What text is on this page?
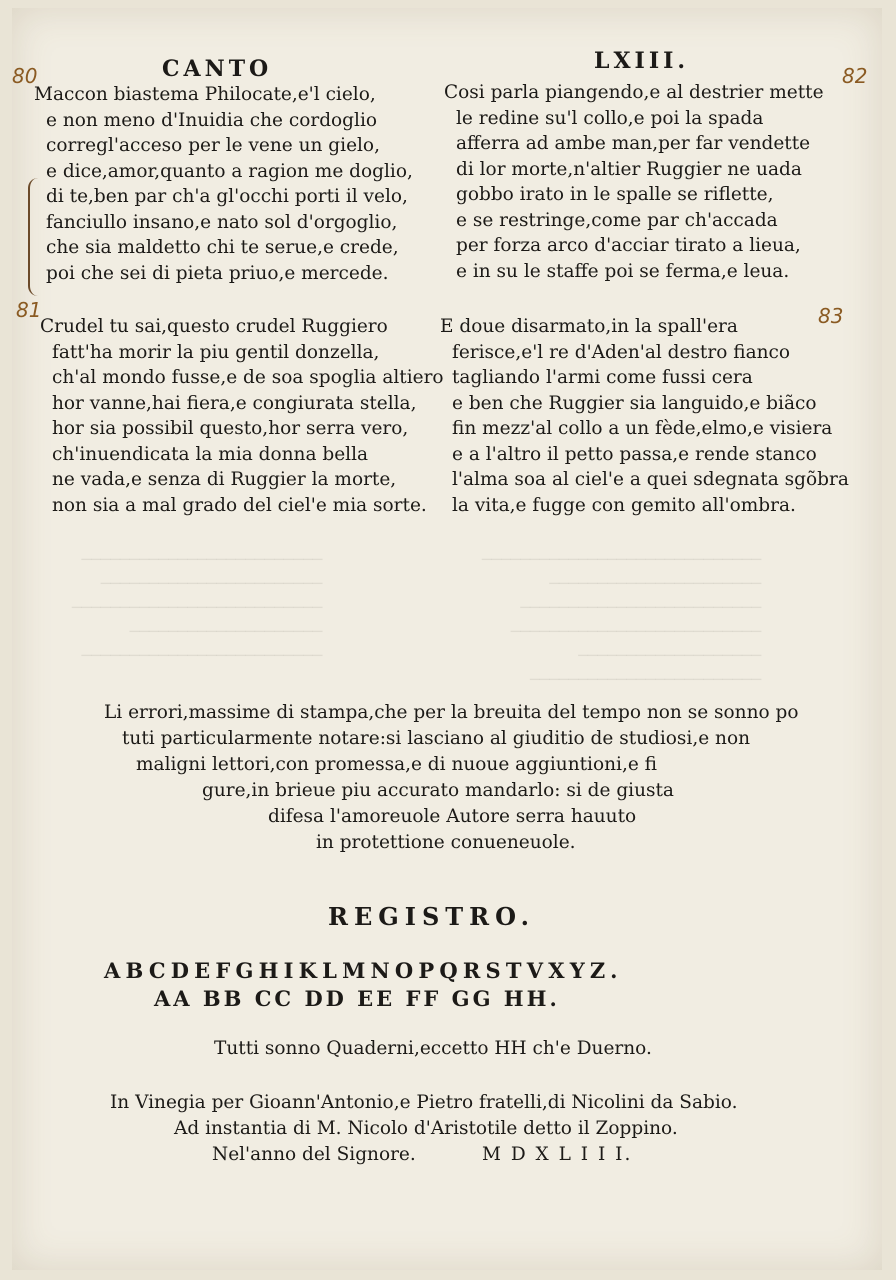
─────────────────────────────
──────────────────────
─────────────────────────
──────────────────────────
───────────────────
────────────────────────
─────────────────────────
───────────────────────
──────────────────────────
────────────────────
─────────────────────────
CANTO	LXIII.
80	82
81	83
Maccon biastema Philocate,e'l cielo,
e non meno d'Inuidia che cordoglio
corregl'acceso per le vene un gielo,
e dice,amor,quanto a ragion me doglio,
di te,ben par ch'a gl'occhi porti il velo,
fanciullo insano,e nato sol d'orgoglio,
che sia maldetto chi te serue,e crede,
poi che sei di pieta priuo,e mercede.
Cosi parla piangendo,e al destrier mette
le redine su'l collo,e poi la spada
afferra ad ambe man,per far vendette
di lor morte,n'altier Ruggier ne uada
gobbo irato in le spalle se riflette,
e se restringe,come par ch'accada
per forza arco d'acciar tirato a lieua,
e in su le staffe poi se ferma,e leua.
Crudel tu sai,questo crudel Ruggiero
fatt'ha morir la piu gentil donzella,
ch'al mondo fusse,e de soa spoglia altiero
hor vanne,hai fiera,e congiurata stella,
hor sia possibil questo,hor serra vero,
ch'inuendicata la mia donna bella
ne vada,e senza di Ruggier la morte,
non sia a mal grado del ciel'e mia sorte.
E doue disarmato,in la spall'era
ferisce,e'l re d'Aden'al destro fianco
tagliando l'armi come fussi cera
e ben che Ruggier sia languido,e biãco
fin mezz'al collo a un fède,elmo,e visiera
e a l'altro il petto passa,e rende stanco
l'alma soa al ciel'e a quei sdegnata sgõbra
la vita,e fugge con gemito all'ombra.
Li errori,massime di stampa,che per la breuita del tempo non se sonno po
tuti particularmente notare:si lasciano al giuditio de studiosi,e non
maligni lettori,con promessa,e di nuoue aggiuntioni,e fi
gure,in brieue piu accurato mandarlo: si de giusta
difesa l'amoreuole Autore serra hauuto
in protettione conueneuole.
REGISTRO.
ABCDEFGHIKLMNOPQRSTVXYZ.
AA BB CC DD EE FF GG HH.
Tutti sonno Quaderni,eccetto HH ch'e Duerno.
In Vinegia per Gioann'Antonio,e Pietro fratelli,di Nicolini da Sabio.
Ad instantia di M. Nicolo d'Aristotile detto il Zoppino.
Nel'anno del Signore.	M D X L I I I.
